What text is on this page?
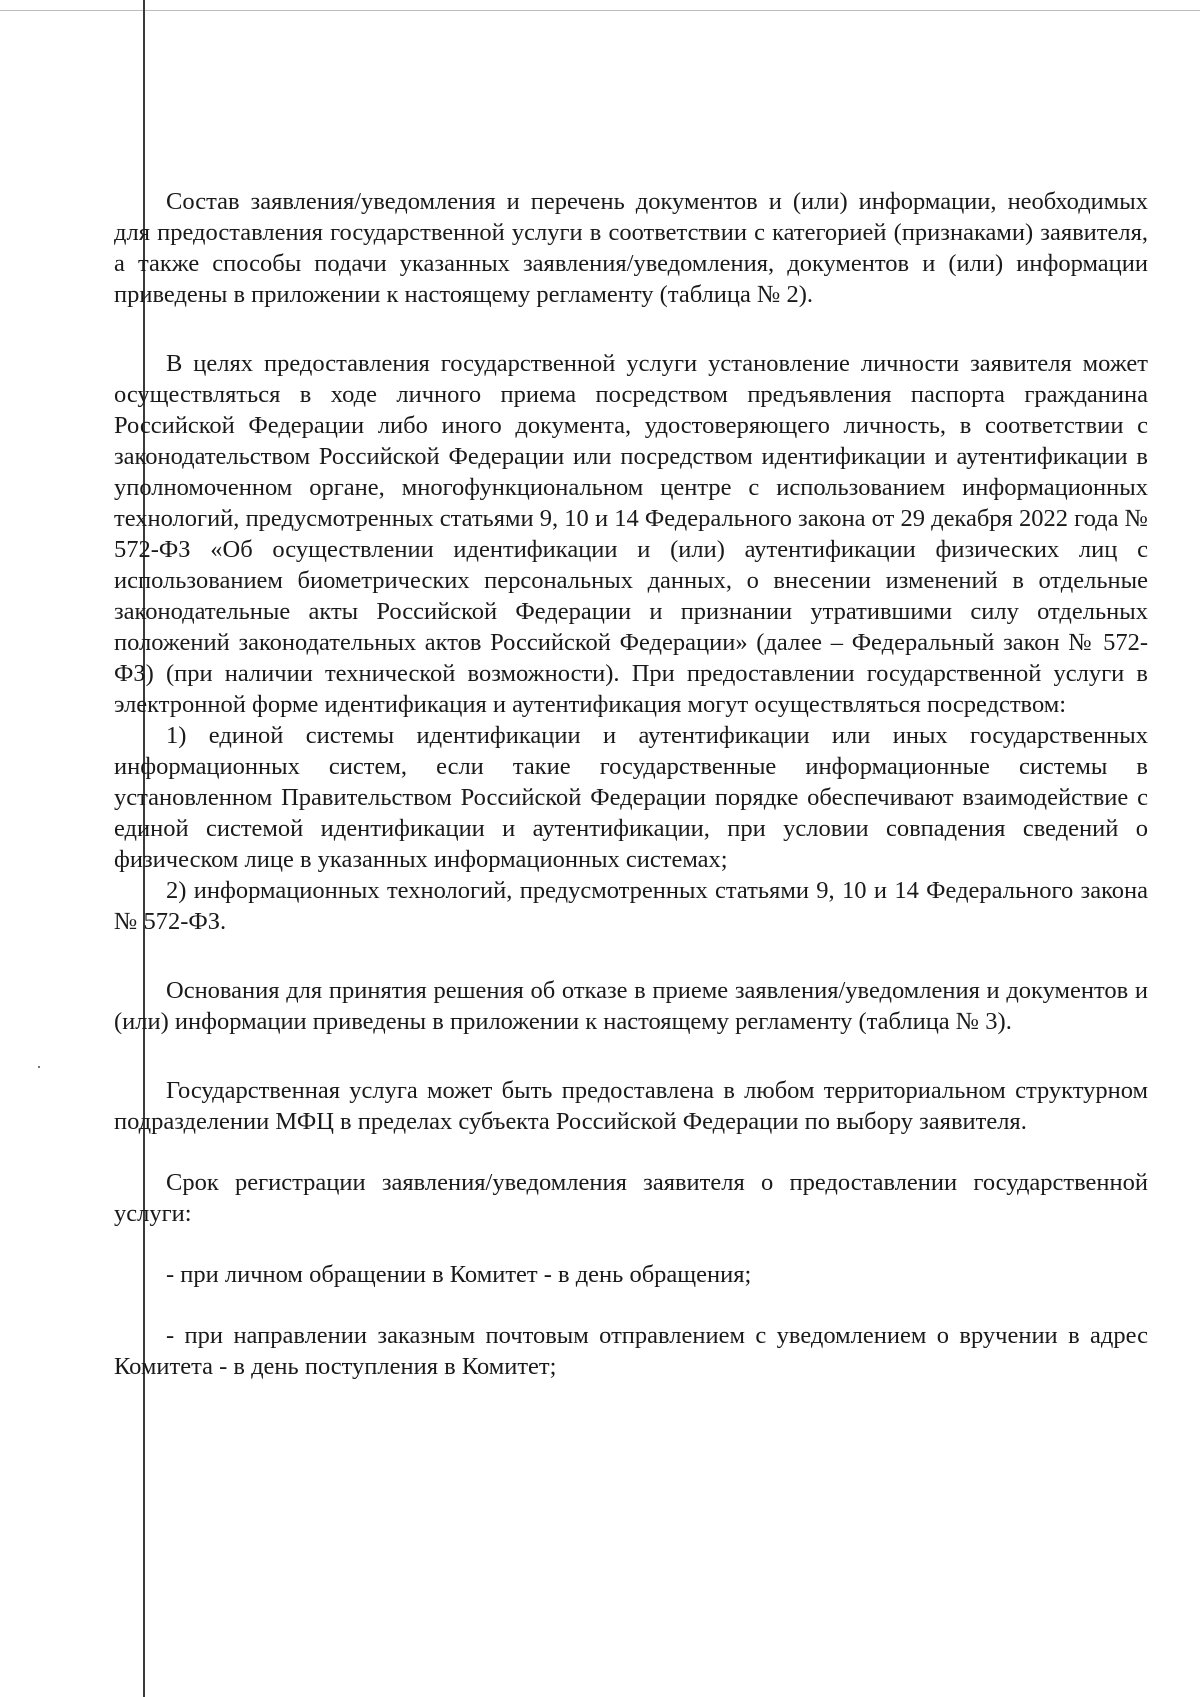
Состав заявления/уведомления и перечень документов и (или) информации, необходимых для предоставления государственной услуги в соответствии с категорией (признаками) заявителя, а также способы подачи указанных заявления/уведомления, документов и (или) информации приведены в приложении к настоящему регламенту (таблица № 2).

В целях предоставления государственной услуги установление личности заявителя может осуществляться в ходе личного приема посредством предъявления паспорта гражданина Российской Федерации либо иного документа, удостоверяющего личность, в соответствии с законодательством Российской Федерации или посредством идентификации и аутентификации в уполномоченном органе, многофункциональном центре с использованием информационных технологий, предусмотренных статьями 9, 10 и 14 Федерального закона от 29 декабря 2022 года № 572-ФЗ «Об осуществлении идентификации и (или) аутентификации физических лиц с использованием биометрических персональных данных, о внесении изменений в отдельные законодательные акты Российской Федерации и признании утратившими силу отдельных положений законодательных актов Российской Федерации» (далее – Федеральный закон № 572-ФЗ) (при наличии технической возможности). При предоставлении государственной услуги в электронной форме идентификация и аутентификация могут осуществляться посредством:

1) единой системы идентификации и аутентификации или иных государственных информационных систем, если такие государственные информационные системы в установленном Правительством Российской Федерации порядке обеспечивают взаимодействие с единой системой идентификации и аутентификации, при условии совпадения сведений о физическом лице в указанных информационных системах;

2) информационных технологий, предусмотренных статьями 9, 10 и 14 Федерального закона № 572-ФЗ.

Основания для принятия решения об отказе в приеме заявления/уведомления и документов и (или) информации приведены в приложении к настоящему регламенту (таблица № 3).

Государственная услуга может быть предоставлена в любом территориальном структурном подразделении МФЦ в пределах субъекта Российской Федерации по выбору заявителя.

Срок регистрации заявления/уведомления заявителя о предоставлении государственной услуги:

- при личном обращении в Комитет - в день обращения;

- при направлении заказным почтовым отправлением с уведомлением о вручении в адрес Комитета - в день поступления в Комитет;
